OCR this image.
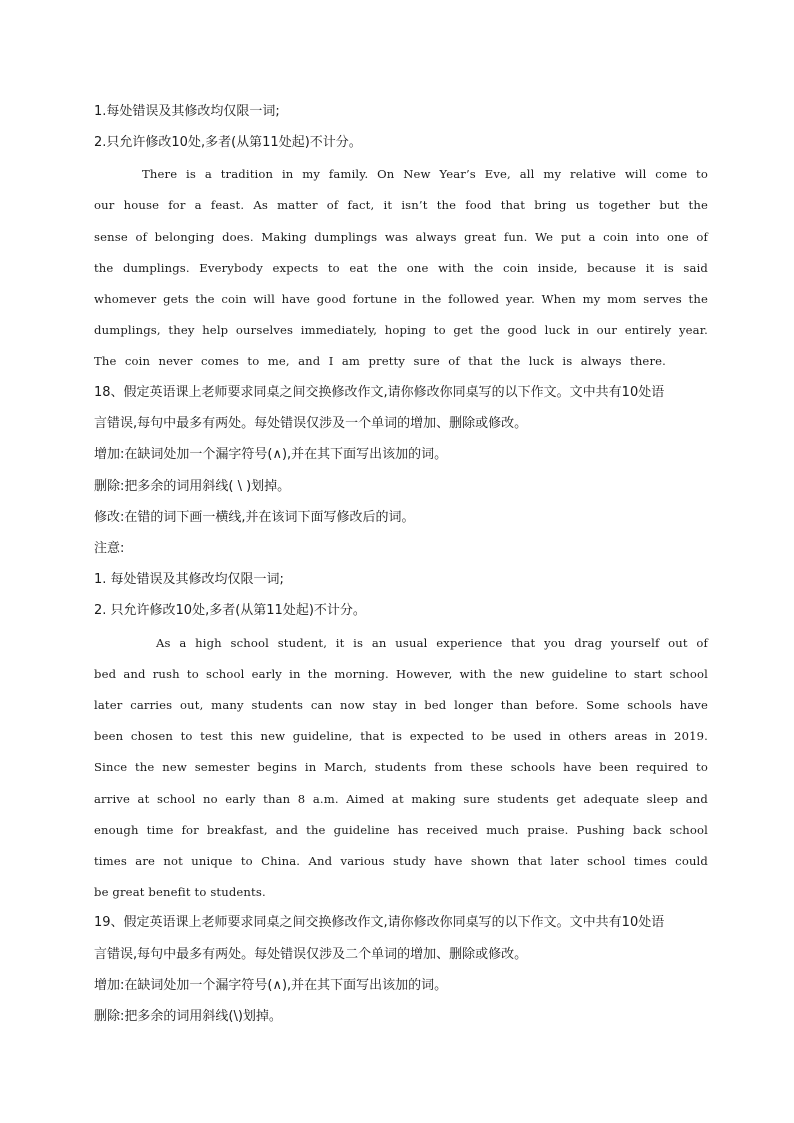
1.每处错误及其修改均仅限一词;
2.只允许修改10处,多者(从第11处起)不计分。
There is a tradition in my family. On New Year’s Eve, all my relative will come to
our house for a feast. As matter of fact, it isn’t the food that bring us together but the
sense of belonging does. Making dumplings was always great fun. We put a coin into one of
the dumplings. Everybody expects to eat the one with the coin inside, because it is said
whomever gets the coin will have good fortune in the followed year. When my mom serves the
dumplings, they help ourselves immediately, hoping to get the good luck in our entirely year.
The coin never comes to me, and I am pretty sure of that the luck is always there.
18、假定英语课上老师要求同桌之间交换修改作文,请你修改你同桌写的以下作文。文中共有10处语
言错误,每句中最多有两处。每处错误仅涉及一个单词的增加、删除或修改。
增加:在缺词处加一个漏字符号(∧),并在其下面写出该加的词。
删除:把多余的词用斜线( \ )划掉。
修改:在错的词下画一横线,并在该词下面写修改后的词。
注意:
1. 每处错误及其修改均仅限一词;
2. 只允许修改10处,多者(从第11处起)不计分。
As a high school student, it is an usual experience that you drag yourself out of
bed and rush to school early in the morning. However, with the new guideline to start school
later carries out, many students can now stay in bed longer than before. Some schools have
been chosen to test this new guideline, that is expected to be used in others areas in 2019.
Since the new semester begins in March, students from these schools have been required to
arrive at school no early than 8 a.m. Aimed at making sure students get adequate sleep and
enough time for breakfast, and the guideline has received much praise. Pushing back school
times are not unique to China. And various study have shown that later school times could
be great benefit to students.
19、假定英语课上老师要求同桌之间交换修改作文,请你修改你同桌写的以下作文。文中共有10处语
言错误,每句中最多有两处。每处错误仅涉及二个单词的增加、删除或修改。
增加:在缺词处加一个漏字符号(∧),并在其下面写出该加的词。
删除:把多余的词用斜线(\)划掉。
